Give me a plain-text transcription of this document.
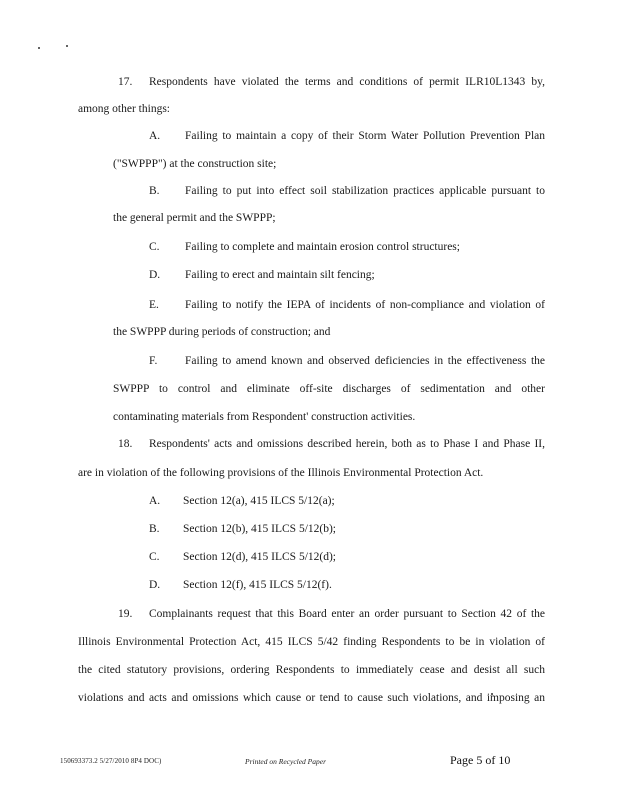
17. Respondents have violated the terms and conditions of permit ILR10L1343 by,
among other things:
A. Failing to maintain a copy of their Storm Water Pollution Prevention Plan
("SWPPP") at the construction site;
B. Failing to put into effect soil stabilization practices applicable pursuant to
the general permit and the SWPPP;
C. Failing to complete and maintain erosion control structures;
D. Failing to erect and maintain silt fencing;
E. Failing to notify the IEPA of incidents of non-compliance and violation of
the SWPPP during periods of construction; and
F. Failing to amend known and observed deficiencies in the effectiveness the
SWPPP to control and eliminate off-site discharges of sedimentation and other
contaminating materials from Respondent' construction activities.
18. Respondents' acts and omissions described herein, both as to Phase I and Phase II,
are in violation of the following provisions of the Illinois Environmental Protection Act.
A. Section 12(a), 415 ILCS 5/12(a);
B. Section 12(b), 415 ILCS 5/12(b);
C. Section 12(d), 415 ILCS 5/12(d);
D. Section 12(f), 415 ILCS 5/12(f).
19. Complainants request that this Board enter an order pursuant to Section 42 of the
Illinois Environmental Protection Act, 415 ILCS 5/42 finding Respondents to be in violation of
the cited statutory provisions, ordering Respondents to immediately cease and desist all such
violations and acts and omissions which cause or tend to cause such violations, and imposing an
150693373.2 5/27/2010 8P4 DOC)	Printed on Recycled Paper	Page 5 of 10
